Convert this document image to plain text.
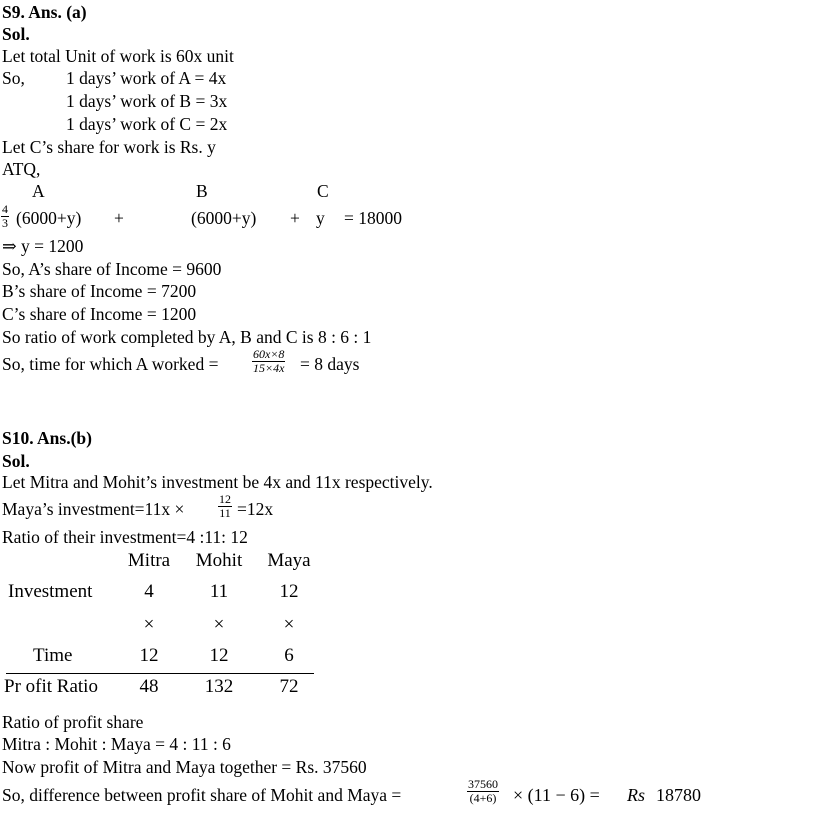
S9. Ans. (a)
Sol.
Let total Unit of work is 60x unit
So, 1 days’ work of A = 4x
1 days’ work of B = 3x
1 days’ work of C = 2x
Let C’s share for work is Rs. y
ATQ,
A	B	C
$\frac{4}{3} (6000+y)$ +	(6000+y) + y = 18000
⇒ y = 1200
So, A’s share of Income = 9600
B’s share of Income = 7200
C’s share of Income = 1200
So ratio of work completed by A, B and C is 8 : 6 : 1
So, time for which A worked =	$\frac{60x\times 8}{15\times 4x} = 8$ days
S10. Ans.(b)
Sol.
Let Mitra and Mohit’s investment be 4x and 11x respectively.
Maya’s investment=11x ×	$\frac{12}{11} =12x$
Ratio of their investment=4 :11: 12
Mitra Mohit Maya
Investment	4	11	12
×	×	×
Time	12	12	6
Pr ofit Ratio	48	132	72
Ratio of profit share
Mitra : Mohit : Maya = 4 : 11 : 6
Now profit of Mitra and Maya together = Rs. 37560
So, difference between profit share of Mohit and Maya =	$\frac{37560}{(4+6)} \times (11 - 6) = Rs$ 18780
